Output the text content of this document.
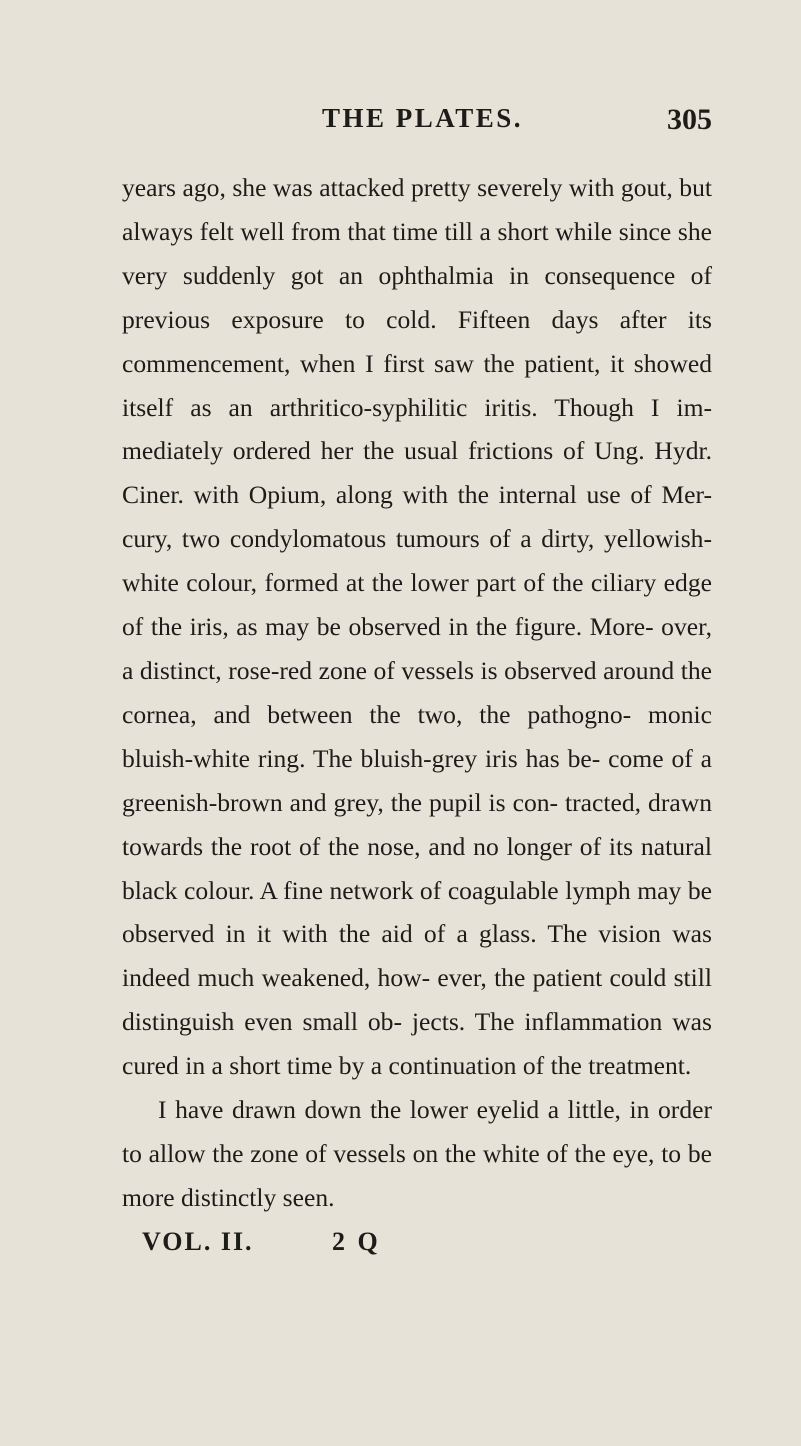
THE PLATES.	305

years ago, she was attacked pretty severely with gout, but always felt well from that time till a short while since she very suddenly got an ophthalmia in consequence of previous exposure to cold. Fifteen days after its commencement, when I first saw the patient, it showed itself as an arthritico-syphilitic iritis. Though I im- mediately ordered her the usual frictions of Ung. Hydr. Ciner. with Opium, along with the internal use of Mer- cury, two condylomatous tumours of a dirty, yellowish- white colour, formed at the lower part of the ciliary edge of the iris, as may be observed in the figure. More- over, a distinct, rose-red zone of vessels is observed around the cornea, and between the two, the pathogno- monic bluish-white ring. The bluish-grey iris has be- come of a greenish-brown and grey, the pupil is con- tracted, drawn towards the root of the nose, and no longer of its natural black colour. A fine network of coagulable lymph may be observed in it with the aid of a glass. The vision was indeed much weakened, how- ever, the patient could still distinguish even small ob- jects. The inflammation was cured in a short time by a continuation of the treatment.

I have drawn down the lower eyelid a little, in order to allow the zone of vessels on the white of the eye, to be more distinctly seen.

VOL. II.	2 Q
